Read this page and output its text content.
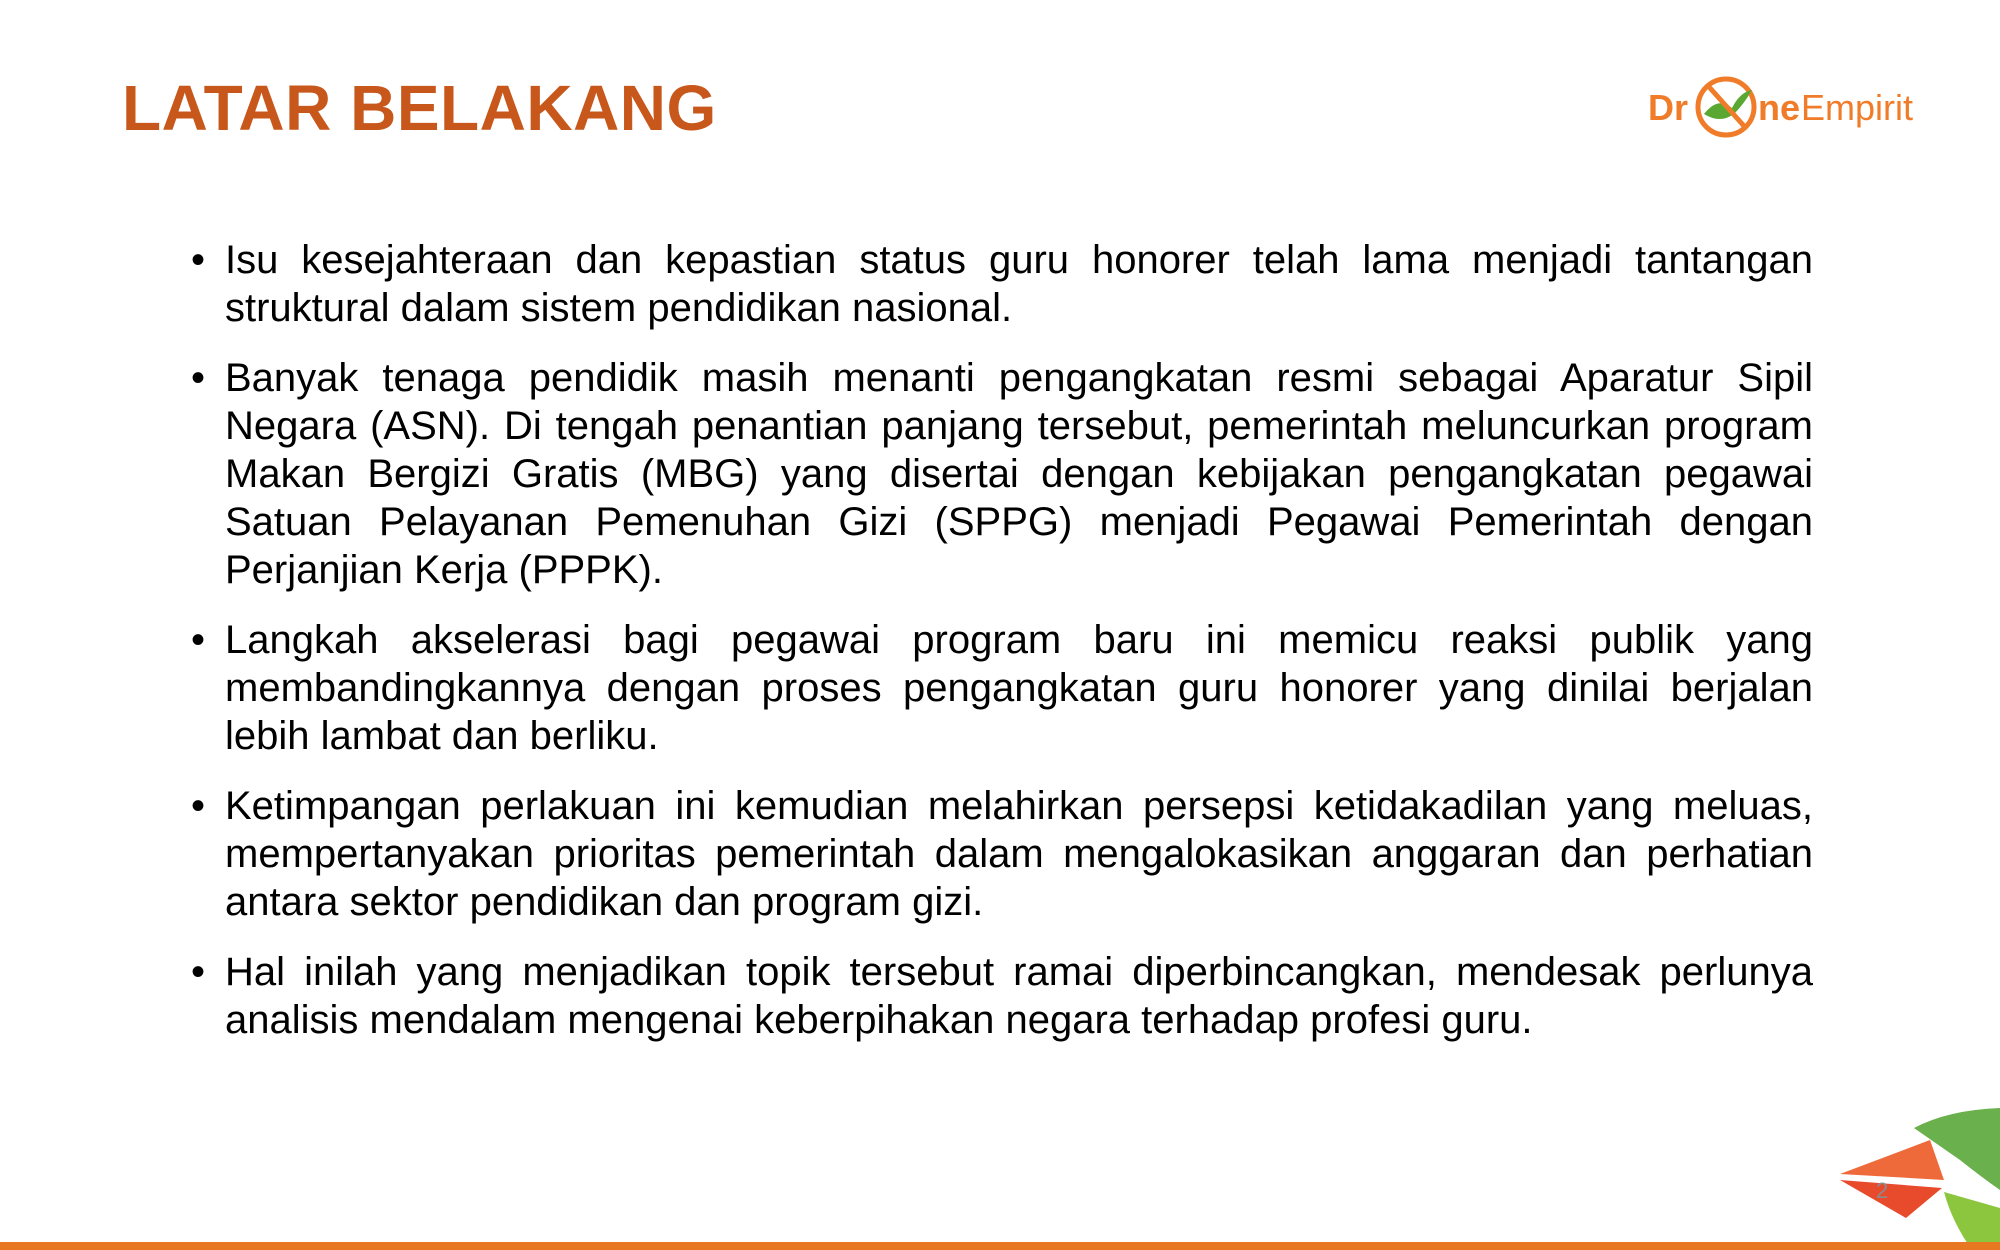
LATAR BELAKANG	Dr ne Empirit
• Isu kesejahteraan dan kepastian status guru honorer telah lama menjadi tantangan struktural dalam sistem pendidikan nasional.
• Banyak tenaga pendidik masih menanti pengangkatan resmi sebagai Aparatur Sipil Negara (ASN). Di tengah penantian panjang tersebut, pemerintah meluncurkan program Makan Bergizi Gratis (MBG) yang disertai dengan kebijakan pengangkatan pegawai Satuan Pelayanan Pemenuhan Gizi (SPPG) menjadi Pegawai Pemerintah dengan Perjanjian Kerja (PPPK).
• Langkah akselerasi bagi pegawai program baru ini memicu reaksi publik yang membandingkannya dengan proses pengangkatan guru honorer yang dinilai berjalan lebih lambat dan berliku.
• Ketimpangan perlakuan ini kemudian melahirkan persepsi ketidakadilan yang meluas, mempertanyakan prioritas pemerintah dalam mengalokasikan anggaran dan perhatian antara sektor pendidikan dan program gizi.
• Hal inilah yang menjadikan topik tersebut ramai diperbincangkan, mendesak perlunya analisis mendalam mengenai keberpihakan negara terhadap profesi guru.
2
